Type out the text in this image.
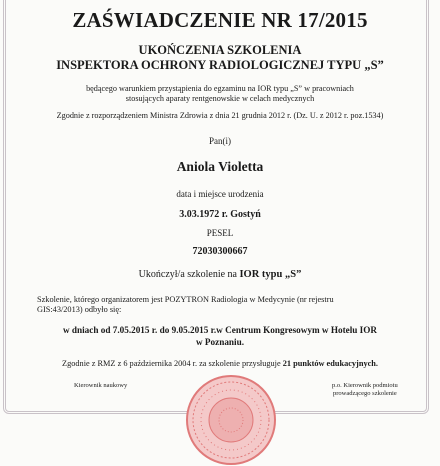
ZAŚWIADCZENIE NR 17/2015
UKOŃCZENIA SZKOLENIA
INSPEKTORA OCHRONY RADIOLOGICZNEJ TYPU „S”
będącego warunkiem przystąpienia do egzaminu na IOR typu „S” w pracowniach
stosujących aparaty rentgenowskie w celach medycznych
Zgodnie z rozporządzeniem Ministra Zdrowia z dnia 21 grudnia 2012 r. (Dz. U. z 2012 r. poz.1534)
Pan(i)
Aniola Violetta
data i miejsce urodzenia
3.03.1972 r. Gostyń
PESEL
72030300667
Ukończył/a szkolenie na IOR typu „S”
Szkolenie, którego organizatorem jest POZYTRON Radiologia w Medycynie (nr rejestru
GIS:43/2013) odbyło się:
w dniach od 7.05.2015 r. do 9.05.2015 r.w Centrum Kongresowym w Hotelu IOR
w Poznaniu.
Zgodnie z RMZ z 6 października 2004 r. za szkolenie przysługuje 21 punktów edukacyjnych.
Kierownik naukowy	p.o. Kierownik podmiotu
prowadzącego szkolenie
